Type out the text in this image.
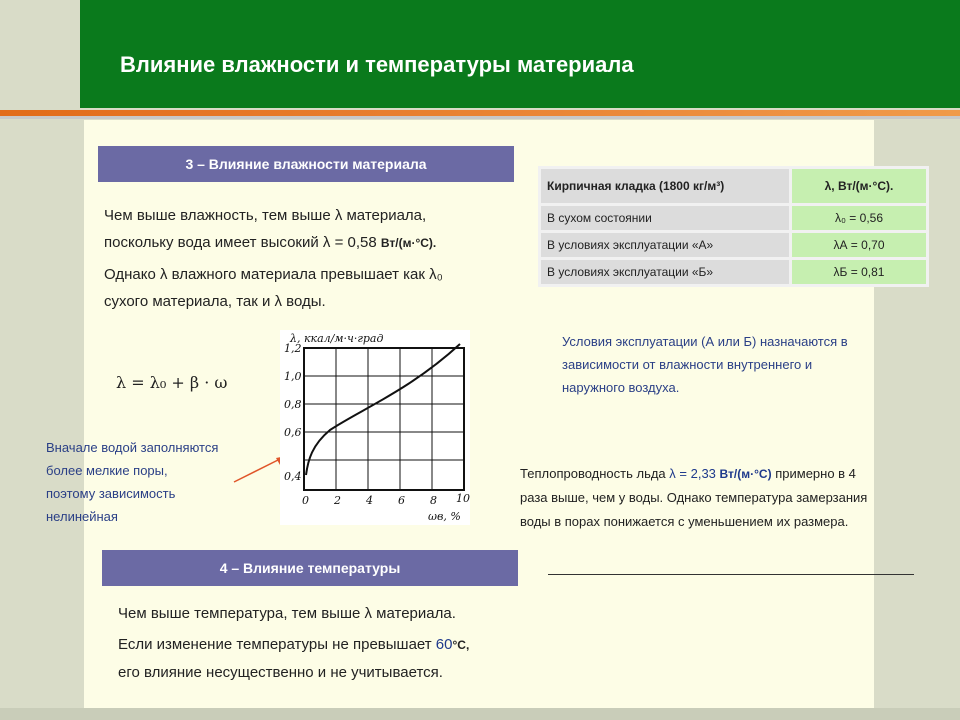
Влияние влажности и температуры материала
3 – Влияние влажности материала
Чем выше влажность, тем выше λ материала,
поскольку вода имеет высокий λ = 0,58 Вт/(м·°С).
Однако λ влажного материала превышает как λ₀
сухого материала, так и λ воды.
λ = λ₀ + β · ω
Вначале водой заполняются
более мелкие поры,
поэтому зависимость
нелинейная
λ, ккал/м·ч·град
1,2
1,0
0,8
0,6
0,4
0 2 4 6 8 10
ωв, %
Кирпичная кладка (1800 кг/м³)	λ, Вт/(м·°С).
В сухом состоянии	λ₀ = 0,56
В условиях эксплуатации «А»	λА = 0,70
В условиях эксплуатации «Б»	λБ = 0,81
Условия эксплуатации (А или Б) назначаются в
зависимости от влажности внутреннего и
наружного воздуха.
Теплопроводность льда λ = 2,33 Вт/(м·°С) примерно в 4
раза выше, чем у воды. Однако температура замерзания
воды в порах понижается с уменьшением их размера.
4 – Влияние температуры
Чем выше температура, тем выше λ материала.
Если изменение температуры не превышает 60°С,
его влияние несущественно и не учитывается.
